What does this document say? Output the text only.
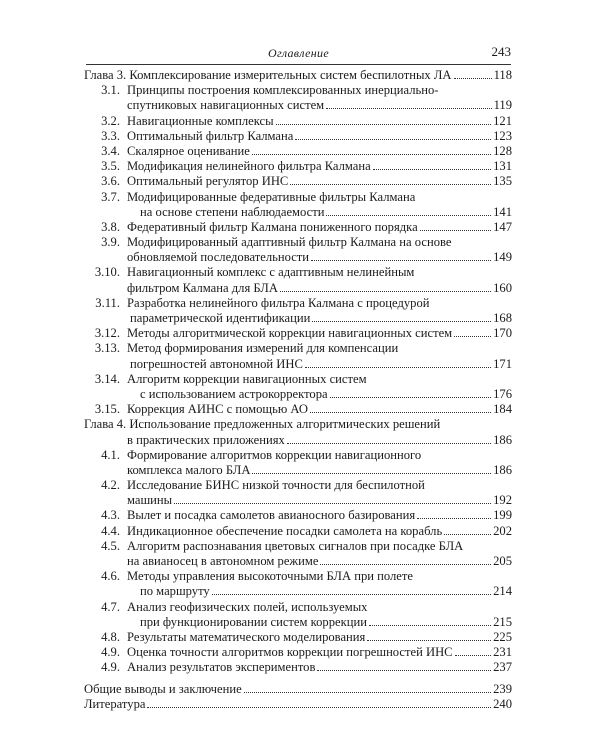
Оглавление	243
Глава 3. Комплексирование измерительных систем беспилотных ЛА	118
3.1. Принципы построения комплексированных инерциально-
спутниковых навигационных систем	119
3.2. Навигационные комплексы	121
3.3. Оптимальный фильтр Калмана	123
3.4. Скалярное оценивание	128
3.5. Модификация нелинейного фильтра Калмана	131
3.6. Оптимальный регулятор ИНС	135
3.7. Модифицированные федеративные фильтры Калмана
на основе степени наблюдаемости	141
3.8. Федеративный фильтр Калмана пониженного порядка	147
3.9. Модифицированный адаптивный фильтр Калмана на основе
обновляемой последовательности	149
3.10. Навигационный комплекс с адаптивным нелинейным
фильтром Калмана для БЛА	160
3.11. Разработка нелинейного фильтра Калмана с процедурой
параметрической идентификации	168
3.12. Методы алгоритмической коррекции навигационных систем	170
3.13. Метод формирования измерений для компенсации
погрешностей автономной ИНС	171
3.14. Алгоритм коррекции навигационных систем
с использованием астрокорректора	176
3.15. Коррекция АИНС с помощью АО	184
Глава 4. Использование предложенных алгоритмических решений
в практических приложениях	186
4.1. Формирование алгоритмов коррекции навигационного
комплекса малого БЛА	186
4.2. Исследование БИНС низкой точности для беспилотной
машины	192
4.3. Вылет и посадка самолетов авианосного базирования	199
4.4. Индикационное обеспечение посадки самолета на корабль	202
4.5. Алгоритм распознавания цветовых сигналов при посадке БЛА
на авианосец в автономном режиме	205
4.6. Методы управления высокоточными БЛА при полете
по маршруту	214
4.7. Анализ геофизических полей, используемых
при функционировании систем коррекции	215
4.8. Результаты математического моделирования	225
4.9. Оценка точности алгоритмов коррекции погрешностей ИНС	231
4.9. Анализ результатов экспериментов	237
Общие выводы и заключение	239
Литература	240
